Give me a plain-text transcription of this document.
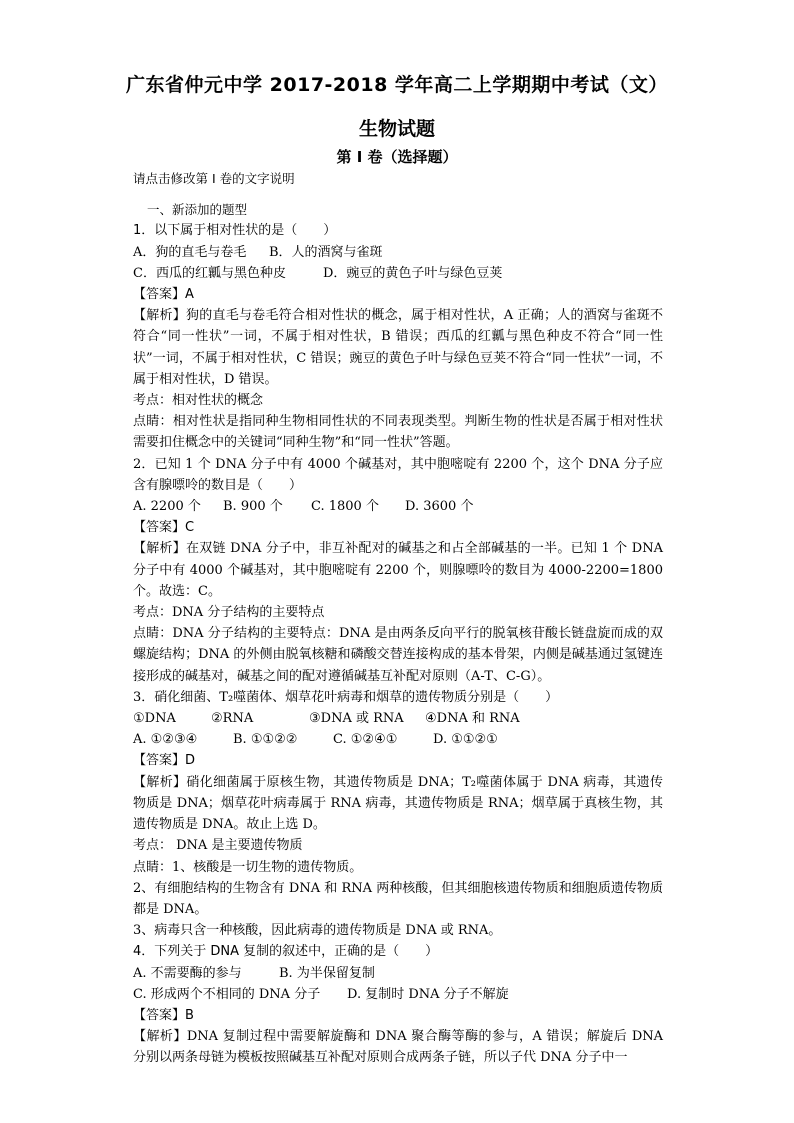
广东省仲元中学 2017-2018 学年高二上学期期中考试（文）
生物试题
第 I 卷（选择题）

请点击修改第 I 卷的文字说明

一、新添加的题型

1．以下属于相对性状的是（　　）

A．狗的直毛与卷毛	B．人的酒窝与雀斑

C．西瓜的红瓤与黑色种皮	D．豌豆的黄色子叶与绿色豆荚

【答案】A

【解析】狗的直毛与卷毛符合相对性状的概念，属于相对性状，A 正确；人的酒窝与雀斑不符合“同一性状”一词，不属于相对性状，B 错误；西瓜的红瓤与黑色种皮不符合“同一性状”一词，不属于相对性状，C 错误；豌豆的黄色子叶与绿色豆荚不符合“同一性状”一词，不属于相对性状，D 错误。

考点：相对性状的概念

点睛：相对性状是指同种生物相同性状的不同表现类型。判断生物的性状是否属于相对性状需要扣住概念中的关键词“同种生物”和“同一性状”答题。

2．已知 1 个 DNA 分子中有 4000 个碱基对，其中胞嘧啶有 2200 个，这个 DNA 分子应含有腺嘌呤的数目是（　　）

A. 2200 个	B. 900 个	C. 1800 个	D. 3600 个

【答案】C

【解析】在双链 DNA 分子中，非互补配对的碱基之和占全部碱基的一半。已知 1 个 DNA 分子中有 4000 个碱基对，其中胞嘧啶有 2200 个，则腺嘌呤的数目为 4000-2200=1800 个。故选：C。

考点：DNA 分子结构的主要特点

点睛：DNA 分子结构的主要特点：DNA 是由两条反向平行的脱氧核苷酸长链盘旋而成的双螺旋结构；DNA 的外侧由脱氧核糖和磷酸交替连接构成的基本骨架，内侧是碱基通过氢键连接形成的碱基对，碱基之间的配对遵循碱基互补配对原则（A-T、C-G）。

3．硝化细菌、T₂噬菌体、烟草花叶病毒和烟草的遗传物质分别是（　　）

①DNA	②RNA	③DNA 或 RNA ④DNA 和 RNA

A. ①②③④	B. ①①②②	C. ①②④①	D. ①①②①

【答案】D

【解析】硝化细菌属于原核生物，其遗传物质是 DNA；T₂噬菌体属于 DNA 病毒，其遗传物质是 DNA；烟草花叶病毒属于 RNA 病毒，其遗传物质是 RNA；烟草属于真核生物，其遗传物质是 DNA。故止上选 D。

考点： DNA 是主要遗传物质

点睛：1、核酸是一切生物的遗传物质。

2、有细胞结构的生物含有 DNA 和 RNA 两种核酸，但其细胞核遗传物质和细胞质遗传物质都是 DNA。

3、病毒只含一种核酸，因此病毒的遗传物质是 DNA 或 RNA。

4．下列关于 DNA 复制的叙述中，正确的是（　　）

A. 不需要酶的参与	B. 为半保留复制

C. 形成两个不相同的 DNA 分子	D. 复制时 DNA 分子不解旋

【答案】B

【解析】DNA 复制过程中需要解旋酶和 DNA 聚合酶等酶的参与，A 错误；解旋后 DNA 分别以两条母链为模板按照碱基互补配对原则合成两条子链，所以子代 DNA 分子中一
